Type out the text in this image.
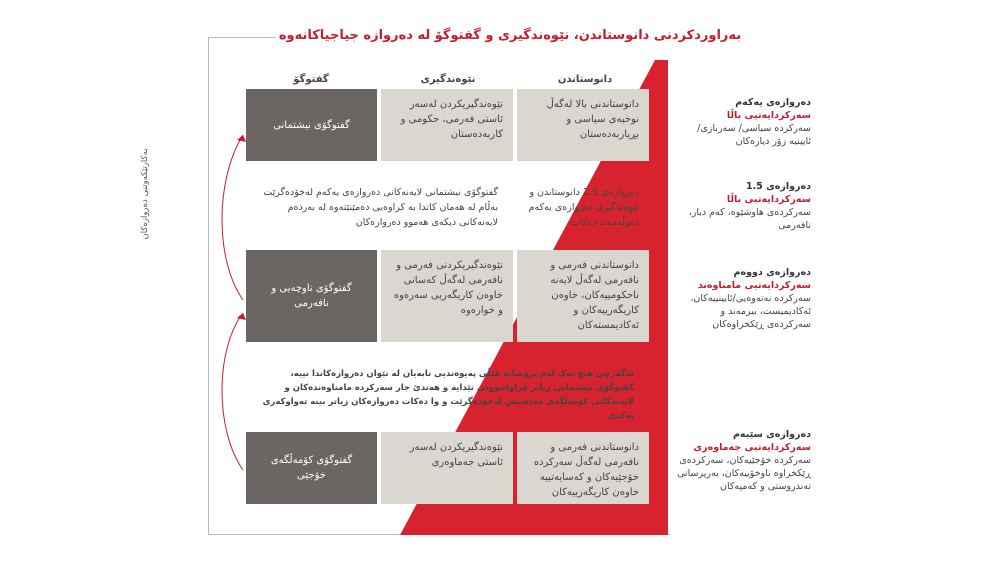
بەراوردکردنی دانوستاندن، نێوەندگیری و گفتوگۆ لە دەروازە جیاجیاکانەوە
دانوستاندن
نێوەندگیری
گفتوگۆ
دانوستاندنی بالا لەگەڵ نوخبەی سیاسی و بڕیاربەدەستان
نێوەندگیریکردن لەسەر ئاستی فەرمی، حکومی و کاربەدەستان
گفتوگۆی نیشتمانی
دەروازەی 1.5 دانوستاندن و نێوەندگیری دەروازەی یەکەم دەوڵەمەند دەکات
گفتوگۆی نیشتمانی لایەنەکانی دەروازەی یەکەم لەخۆدەگرێت بەڵام لە هەمان کاتدا بە کراوەیی دەمێنێتەوە لە بەردەم لایەنەکانی دیکەی هەموو دەروازەکان
دانوستاندنی فەرمی و نافەرمی لەگەڵ لایەنە ناحکومییەکان، خاوەن کاریگەرییەکان و ئەکادیمستەکان
نێوەندگیریکردنی فەرمی و نافەرمی لەگەڵ کەسانی خاوەن کاریگەریی سەرەوە و خوارەوە
گفتوگۆی ناوچەیی و نافەرمی
ئەگەرچی هیچ یەک لەم پرۆسانە هێڵی پەیوەندیی نابەیان لە نێوان دەروازەکاندا نییە، گفتوگۆی نیشتمانی زیاتر فراوانبوونی تێدایە و هەندێ جار سەرکردە مامناوەندەکان و لایەنەکانی کۆمەڵگەی مەدەنیش لەخۆدەگرێت و وا دەکات دەروازەکان زیاتر بینە تەواوکەری یەکدی
دانوستاندنی فەرمی و نافەرمی لەگەڵ سەرکردە خۆجێیەکان و کەسایەتییە خاوەن کاریگەرییەکان
نێوەندگیریکردن لەسەر ئاستی جەماوەری
گفتوگۆی کۆمەڵگەی خۆجێی
بەکارتێکەوتنی دەروازەکان
دەروازەی یەکەم
سەرکردایەتیی باڵا
سەرکردە سیاسی/ سەربازی/ ئایینیە زۆر دیارەکان
دەروازەی 1.5
سەرکردایەتیی باڵا
سەرکردەی هاوشێوە، کەم دیار، نافەرمی
دەروازەی دووەم
سەرکردایەتیی مامناوەند
سەرکردە نەتەوەیی/ئایینییەکان، ئەکادیمیست، بیرمەند و سەرکردەی ڕێکخراوەکان
دەروازەی سێیەم
سەرکردایەتیی جەماوەری
سەرکردە خۆجێیەکان، سەرکردەی ڕێکخراوە ناوخۆییەکان، بەرپرسانی تەندروستی و کەمپەکان
